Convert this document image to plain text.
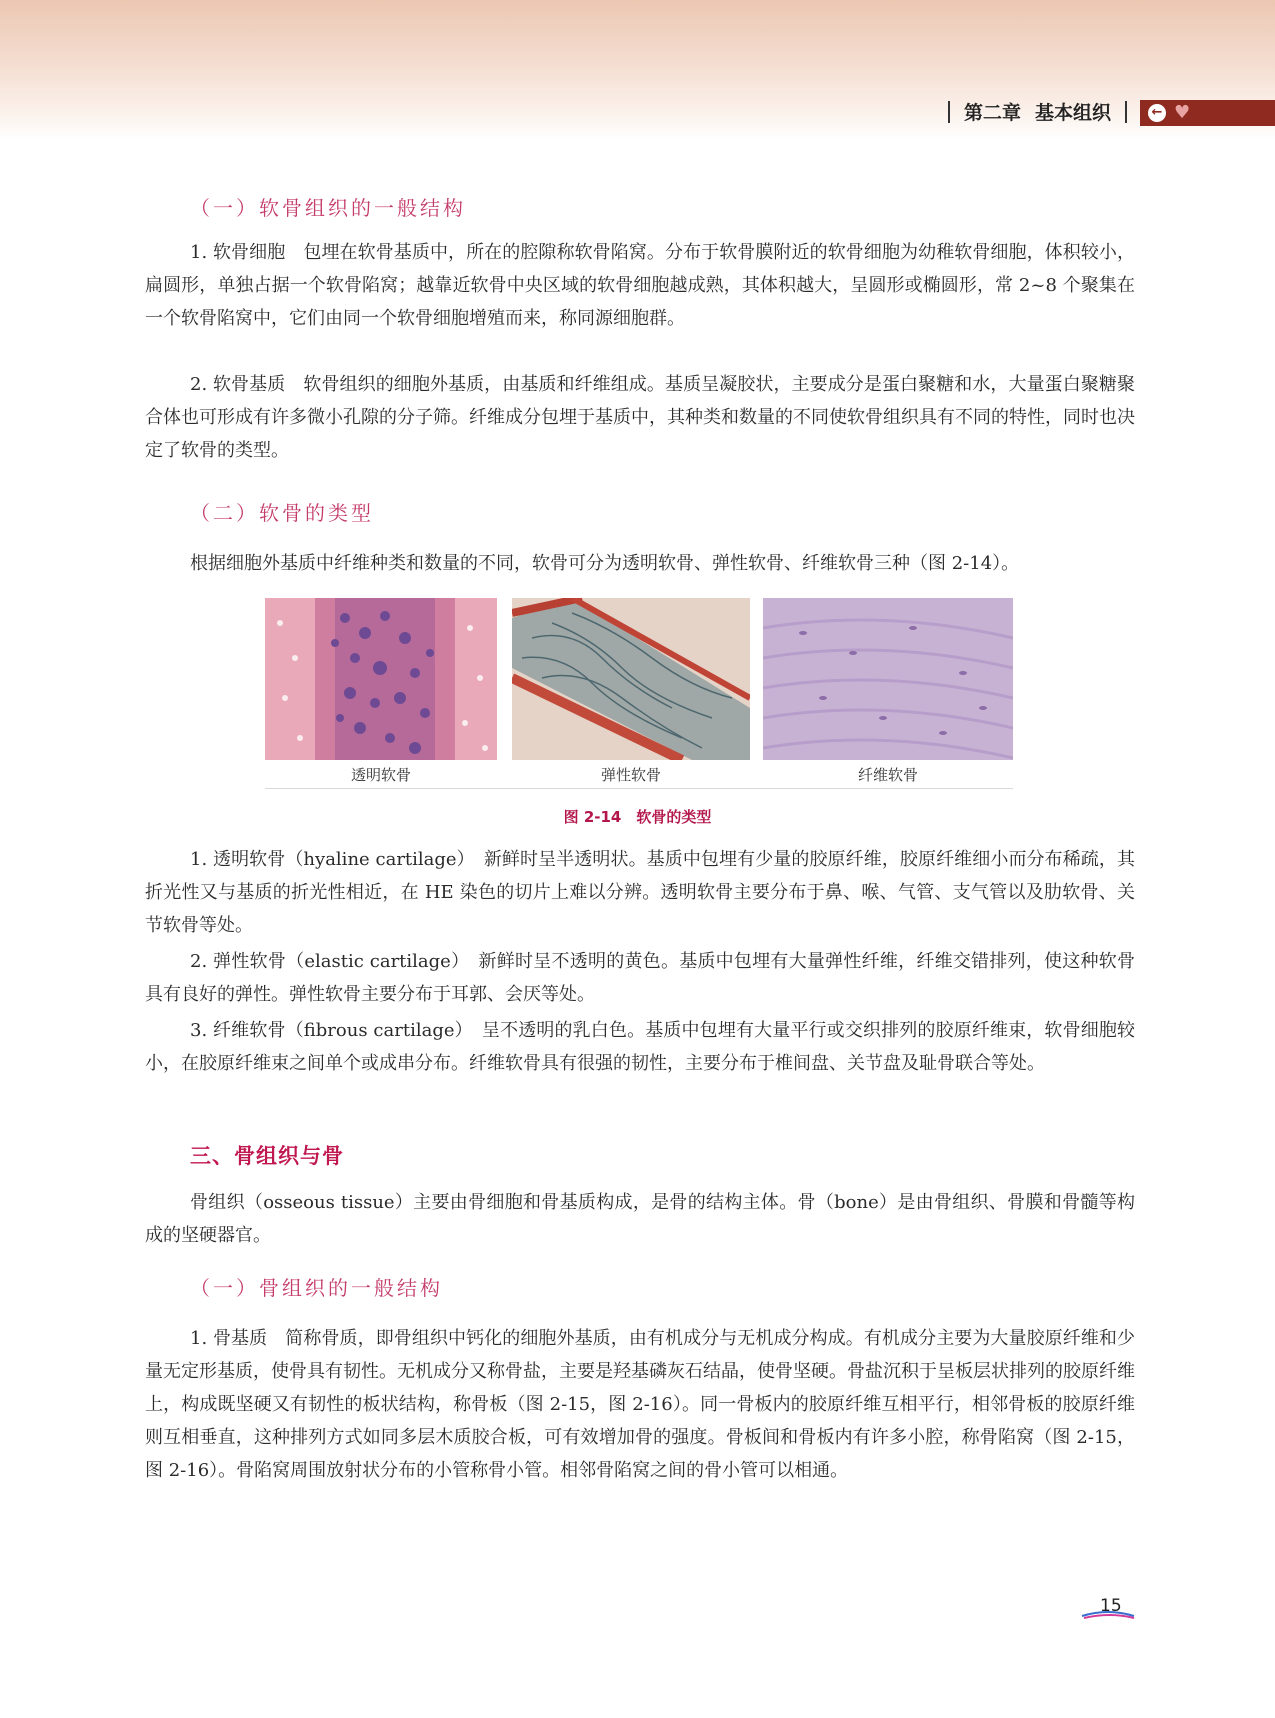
第二章 基本组织	← ♥
（一）软骨组织的一般结构

1. 软骨细胞　包埋在软骨基质中，所在的腔隙称软骨陷窝。分布于软骨膜附近的软骨细胞为幼稚软骨细胞，体积较小，扁圆形，单独占据一个软骨陷窝；越靠近软骨中央区域的软骨细胞越成熟，其体积越大，呈圆形或椭圆形，常 2~8 个聚集在一个软骨陷窝中，它们由同一个软骨细胞增殖而来，称同源细胞群。

2. 软骨基质　软骨组织的细胞外基质，由基质和纤维组成。基质呈凝胶状，主要成分是蛋白聚糖和水，大量蛋白聚糖聚合体也可形成有许多微小孔隙的分子筛。纤维成分包埋于基质中，其种类和数量的不同使软骨组织具有不同的特性，同时也决定了软骨的类型。

（二）软骨的类型

根据细胞外基质中纤维种类和数量的不同，软骨可分为透明软骨、弹性软骨、纤维软骨三种（图 2-14）。

透明软骨	弹性软骨	纤维软骨
图 2-14　软骨的类型

1. 透明软骨（hyaline cartilage）　新鲜时呈半透明状。基质中包埋有少量的胶原纤维，胶原纤维细小而分布稀疏，其折光性又与基质的折光性相近，在 HE 染色的切片上难以分辨。透明软骨主要分布于鼻、喉、气管、支气管以及肋软骨、关节软骨等处。

2. 弹性软骨（elastic cartilage）　新鲜时呈不透明的黄色。基质中包埋有大量弹性纤维，纤维交错排列，使这种软骨具有良好的弹性。弹性软骨主要分布于耳郭、会厌等处。

3. 纤维软骨（fibrous cartilage）　呈不透明的乳白色。基质中包埋有大量平行或交织排列的胶原纤维束，软骨细胞较小，在胶原纤维束之间单个或成串分布。纤维软骨具有很强的韧性，主要分布于椎间盘、关节盘及耻骨联合等处。

三、骨组织与骨

骨组织（osseous tissue）主要由骨细胞和骨基质构成，是骨的结构主体。骨（bone）是由骨组织、骨膜和骨髓等构成的坚硬器官。

（一）骨组织的一般结构

1. 骨基质　简称骨质，即骨组织中钙化的细胞外基质，由有机成分与无机成分构成。有机成分主要为大量胶原纤维和少量无定形基质，使骨具有韧性。无机成分又称骨盐，主要是羟基磷灰石结晶，使骨坚硬。骨盐沉积于呈板层状排列的胶原纤维上，构成既坚硬又有韧性的板状结构，称骨板（图 2-15，图 2-16）。同一骨板内的胶原纤维互相平行，相邻骨板的胶原纤维则互相垂直，这种排列方式如同多层木质胶合板，可有效增加骨的强度。骨板间和骨板内有许多小腔，称骨陷窝（图 2-15，图 2-16）。骨陷窝周围放射状分布的小管称骨小管。相邻骨陷窝之间的骨小管可以相通。

15
